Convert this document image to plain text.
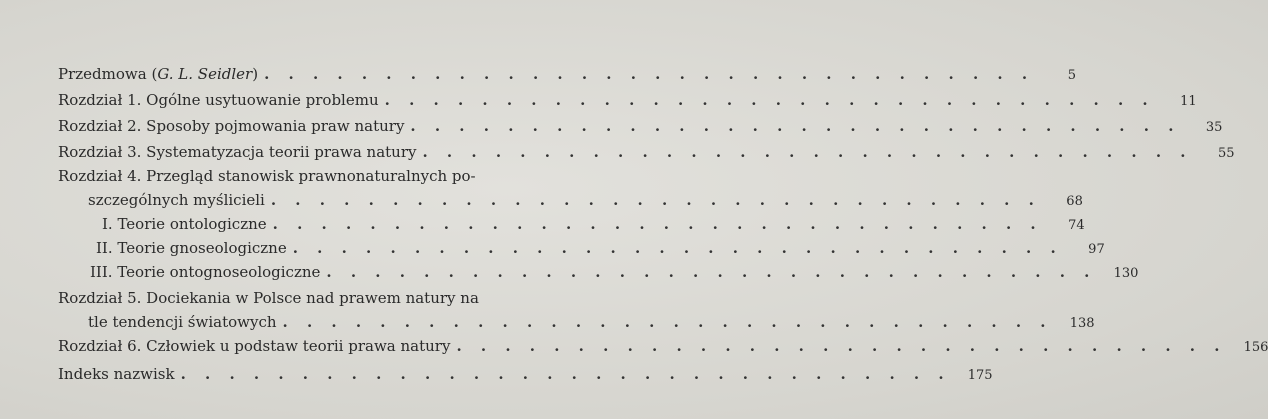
Przedmowa (G. L. Seidler) . . . . . . . . . . . . . . . . . . . . . . . . . . . . . . . .	5
Rozdział 1. Ogólne usytuowanie problemu . . . . . . . . . . . . . . . . . . . . . . . . . . . . . . . .	11
Rozdział 2. Sposoby pojmowania praw natury . . . . . . . . . . . . . . . . . . . . . . . . . . . . . . . .	35
Rozdział 3. Systematyzacja teorii prawa natury . . . . . . . . . . . . . . . . . . . . . . . . . . . . . . . .	55
Rozdział 4. Przegląd stanowisk prawnonaturalnych po-
szczególnych myślicieli . . . . . . . . . . . . . . . . . . . . . . . . . . . . . . . .	68
I. Teorie ontologiczne . . . . . . . . . . . . . . . . . . . . . . . . . . . . . . . .	74
II. Teorie gnoseologiczne . . . . . . . . . . . . . . . . . . . . . . . . . . . . . . . .	97
III. Teorie ontognoseologiczne . . . . . . . . . . . . . . . . . . . . . . . . . . . . . . . .	130
Rozdział 5. Dociekania w Polsce nad prawem natury na
tle tendencji światowych . . . . . . . . . . . . . . . . . . . . . . . . . . . . . . . .	138
Rozdział 6. Człowiek u podstaw teorii prawa natury . . . . . . . . . . . . . . . . . . . . . . . . . . . . . . . .	156
Indeks nazwisk . . . . . . . . . . . . . . . . . . . . . . . . . . . . . . . .	175
